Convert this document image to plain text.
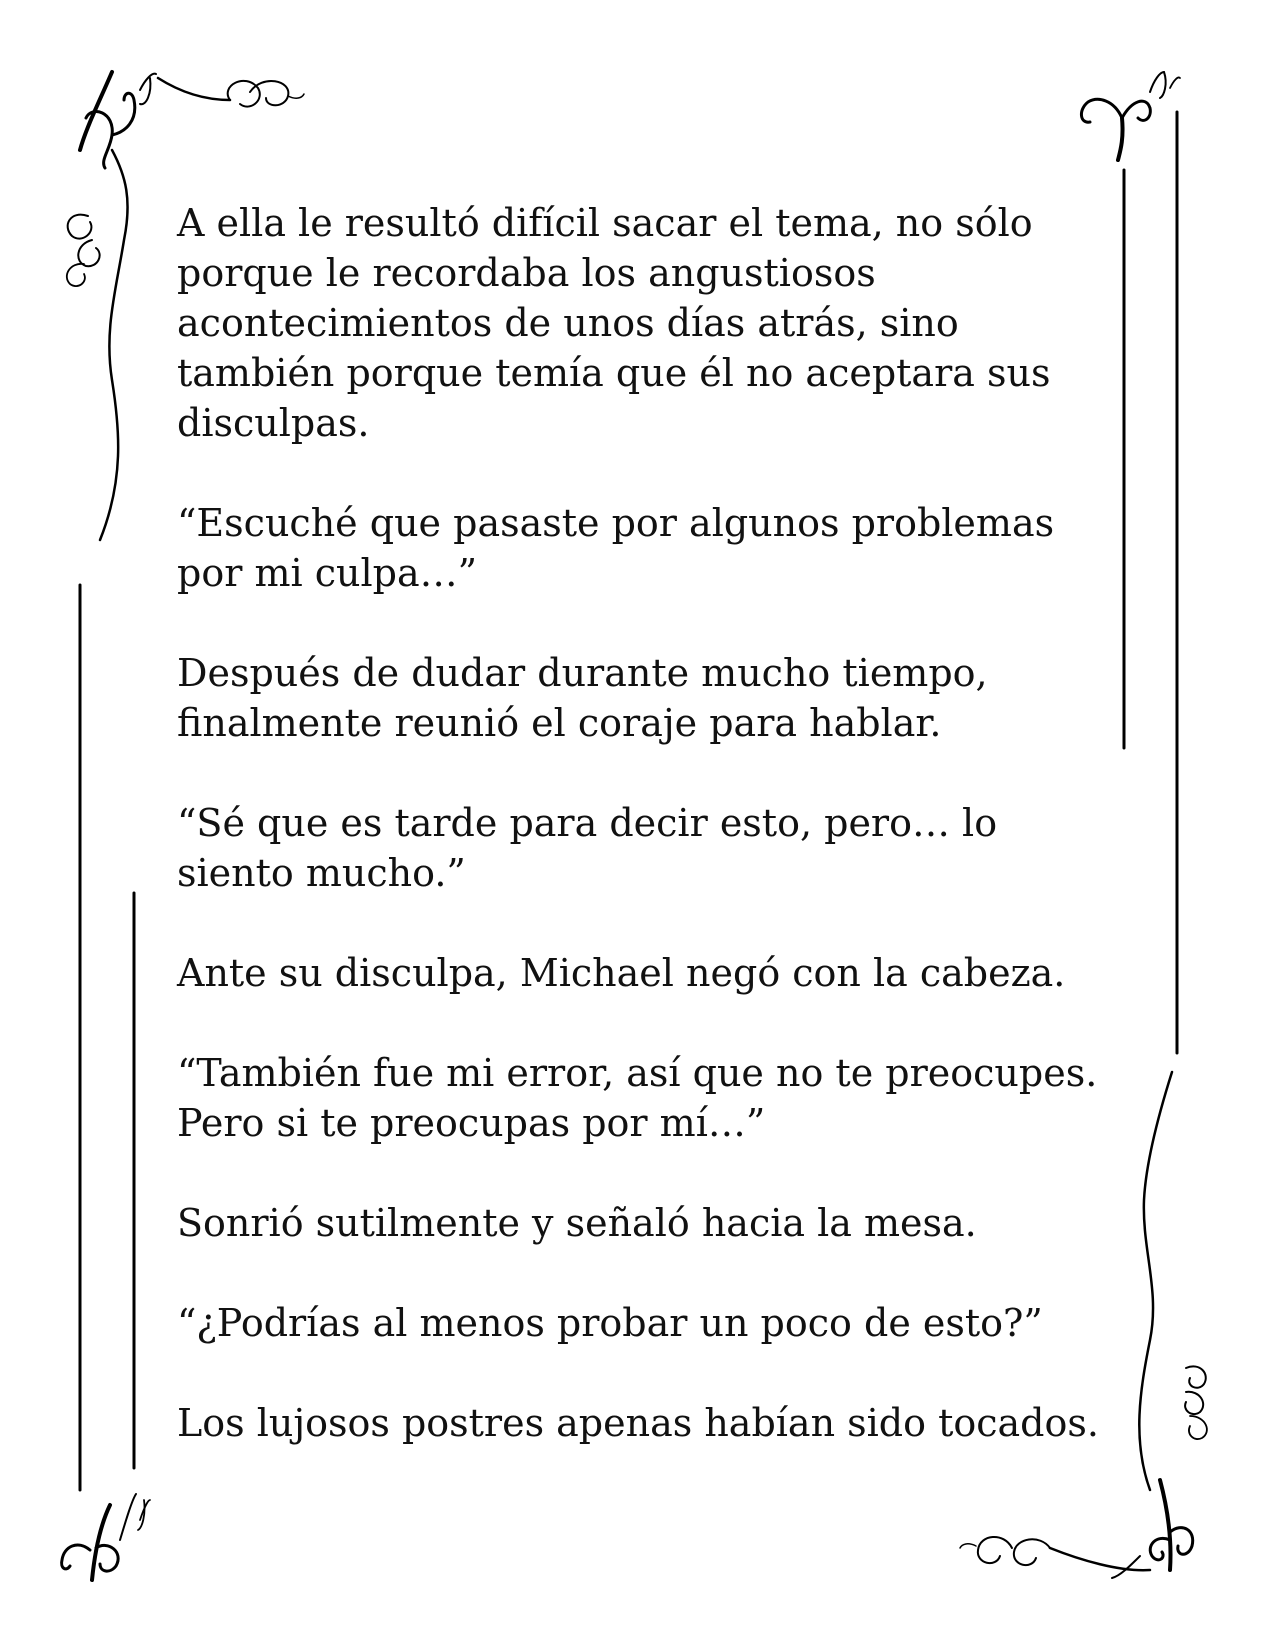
A ella le resultó difícil sacar el tema, no sólo
porque le recordaba los angustiosos
acontecimientos de unos días atrás, sino
también porque temía que él no aceptara sus
disculpas.

“Escuché que pasaste por algunos problemas
por mi culpa…”

Después de dudar durante mucho tiempo,
finalmente reunió el coraje para hablar.

“Sé que es tarde para decir esto, pero… lo
siento mucho.”

Ante su disculpa, Michael negó con la cabeza.

“También fue mi error, así que no te preocupes.
Pero si te preocupas por mí…”

Sonrió sutilmente y señaló hacia la mesa.

“¿Podrías al menos probar un poco de esto?”

Los lujosos postres apenas habían sido tocados.
